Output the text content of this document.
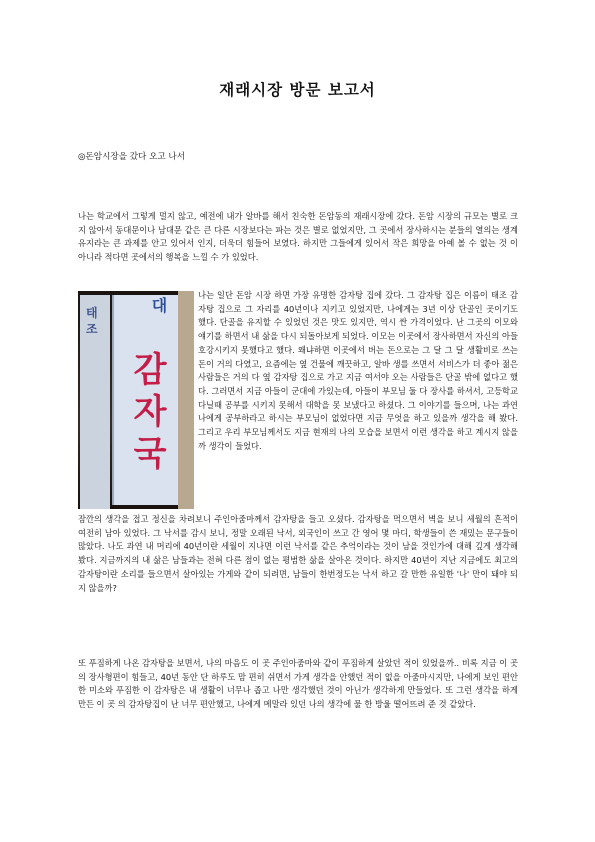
재래시장 방문 보고서
◎돈암시장을 갔다 오고 나서
나는 학교에서 그렇게 멀지 않고, 예전에 내가 알바를 해서 친숙한 돈암동의 재래시장에 갔다. 돈암 시장의 규모는 별로 크지 않아서 동대문이나 남대문 같은 큰 다른 시장보다는 파는 것은 별로 없었지만, 그 곳에서 장사하시는 분들의 열의는 생계유지라는 큰 과제를 안고 있어서 인지, 더욱더 힘들어 보였다. 하지만 그들에게 있어서 작은 희망을 아예 볼 수 없는 것 이 아니라 적다면 곳에서의 행복을 느낄 수 가 있었다.
태조
대
감자국
나는 일단 돈암 시장 하면 가장 유명한 감자탕 집에 갔다. 그 감자탕 집은 이름이 태조 감자탕 집으로 그 자리를 40년이나 지키고 있었지만, 나에게는 3년 이상 단골인 곳이기도 했다. 단골을 유지할 수 있었던 것은 맛도 있지만, 역시 싼 가격이었다. 난 그곳의 이모와 얘기를 하면서 내 삶을 다시 되돌아보게 되었다. 이모는 이곳에서 장사하면서 자신의 아들 호강시키지 못했다고 했다. 왜냐하면 이곳에서 버는 돈으로는 그 달 그 달 생활비로 쓰는 돈이 거의 다였고, 요즘에는 옆 건물에 깨끗하고, 알바 생를 쓰면서 서비스가 더 좋아 젊은 사람들은 거의 다 옆 감자탕 집으로 가고 지금 여서야 오는 사람들은 단골 밖에 없다고 했다. 그러면서 지금 아들이 군대에 가있는데, 아들이 부모님 둘 다 장사를 하셔서, 고등학교 다닐때 공부를 시키지 못해서 대학을 못 보냈다고 하셨다. 그 이야기를 들으며, 나는 과연 나에게 공부하라고 하시는 부모님이 없었다면 지금 무엇을 하고 있을까 생각을 해 봤다. 그리고 우리 부모님께서도 지금 현재의 나의 모습을 보면서 이런 생각을 하고 계시지 않을까 생각이 들었다.
잠깐의 생각을 접고 정신을 차려보니 주인아줌마께서 감자탕을 들고 오셨다. 감자탕을 먹으면서 벽을 보니 세월의 흔적이 여전히 남아 있었다. 그 낙서를 감시 보니, 정말 오래된 낙서, 외국인이 쓰고 간 영어 몇 마디, 학생들이 쓴 재밌는 문구들이 많았다. 나도 과연 내 머리에 40년이란 세월이 지나면 이런 낙서를 같은 추억이라는 것이 남을 것인가에 대해 깊게 생각해봤다. 지금까지의 내 삶은 남들과는 전혀 다른 점이 없는 평범한 삶을 살아온 것이다. 하지만 40년이 지난 지금에도 최고의 감자탕이란 소리를 들으면서 살아있는 가게와 같이 되려면, 남들이 한번정도는 낙서 하고 갈 만한 유일한 '나' 만이 돼야 되지 않을까?
또 푸짐하게 나온 감자탕을 보면서, 나의 마음도 이 곳 주인아줌마와 같이 푸짐하게 살았던 적이 있었을까.. 비록 지금 이 곳의 장사형편이 힘들고, 40년 동안 단 하루도 맘 편히 쉬면서 가게 생각을 안했던 적이 없을 아줌마시지만, 나에게 보인 편안한 미소와 푸짐한 이 감자탕은 내 생활이 너무나 좁고 나만 생각했던 것이 아닌가 생각하게 만들었다. 또 그런 생각을 하게 만든 이 곳 의 감자탕집이 난 너무 편안했고, 나에게 메말라 있던 나의 생각에 물 한 방울 떨어뜨려 준 것 같았다.
